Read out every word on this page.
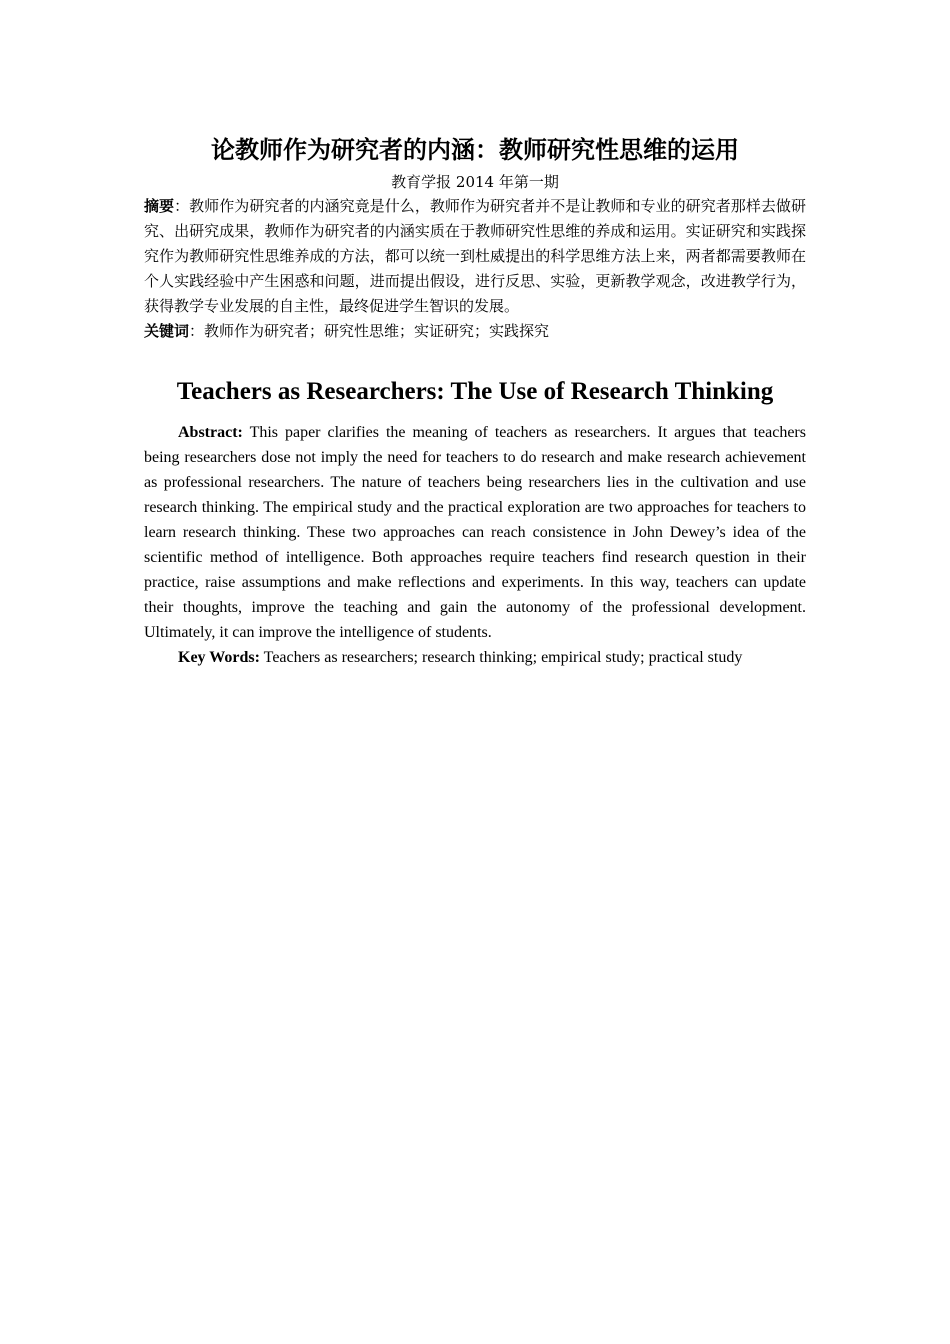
论教师作为研究者的内涵：教师研究性思维的运用

教育学报 2014 年第一期

摘要：教师作为研究者的内涵究竟是什么，教师作为研究者并不是让教师和专业的研究者那样去做研究、出研究成果，教师作为研究者的内涵实质在于教师研究性思维的养成和运用。实证研究和实践探究作为教师研究性思维养成的方法，都可以统一到杜威提出的科学思维方法上来，两者都需要教师在个人实践经验中产生困惑和问题，进而提出假设，进行反思、实验，更新教学观念，改进教学行为，获得教学专业发展的自主性，最终促进学生智识的发展。

关键词：教师作为研究者；研究性思维；实证研究；实践探究

Teachers as Researchers: The Use of Research Thinking

Abstract: This paper clarifies the meaning of teachers as researchers. It argues that teachers being researchers dose not imply the need for teachers to do research and make research achievement as professional researchers. The nature of teachers being researchers lies in the cultivation and use research thinking. The empirical study and the practical exploration are two approaches for teachers to learn research thinking. These two approaches can reach consistence in John Dewey’s idea of the scientific method of intelligence. Both approaches require teachers find research question in their practice, raise assumptions and make reflections and experiments. In this way, teachers can update their thoughts, improve the teaching and gain the autonomy of the professional development. Ultimately, it can improve the intelligence of students.

Key Words: Teachers as researchers; research thinking; empirical study; practical study
